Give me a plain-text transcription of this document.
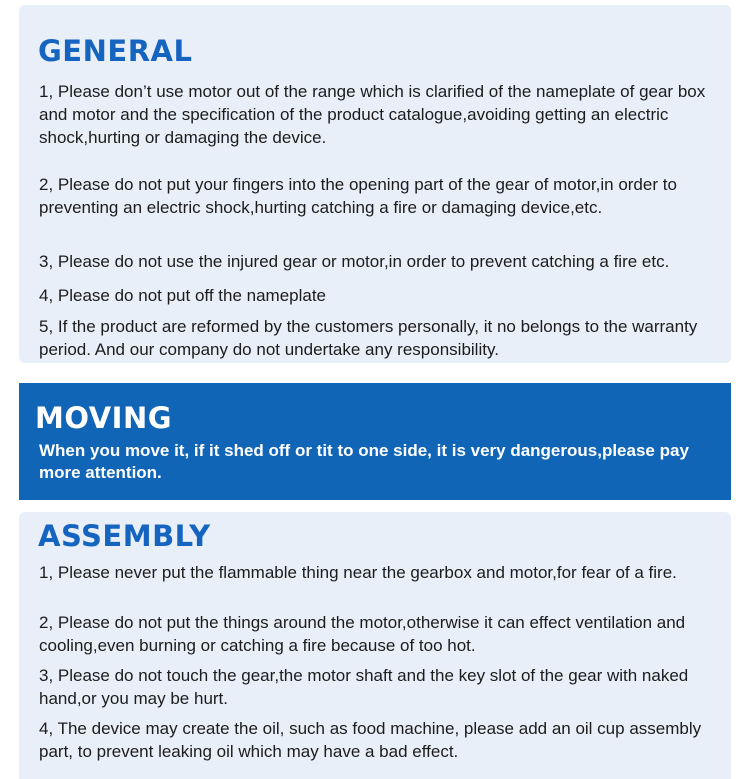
GENERAL

1, Please don’t use motor out of the range which is clarified of the nameplate of gear box and motor and the specification of the product catalogue,avoiding getting an electric shock,hurting or damaging the device.

2, Please do not put your fingers into the opening part of the gear of motor,in order to preventing an electric shock,hurting catching a fire or damaging device,etc.

3, Please do not use the injured gear or motor,in order to prevent catching a fire etc.

4, Please do not put off the nameplate

5, If the product are reformed by the customers personally, it no belongs to the warranty period. And our company do not undertake any responsibility.

MOVING

When you move it, if it shed off or tit to one side, it is very dangerous,please pay more attention.

ASSEMBLY

1, Please never put the flammable thing near the gearbox and motor,for fear of a fire.

2, Please do not put the things around the motor,otherwise it can effect ventilation and cooling,even burning or catching a fire because of too hot.

3, Please do not touch the gear,the motor shaft and the key slot of the gear with naked hand,or you may be hurt.

4, The device may create the oil, such as food machine, please add an oil cup assembly part, to prevent leaking oil which may have a bad effect.
